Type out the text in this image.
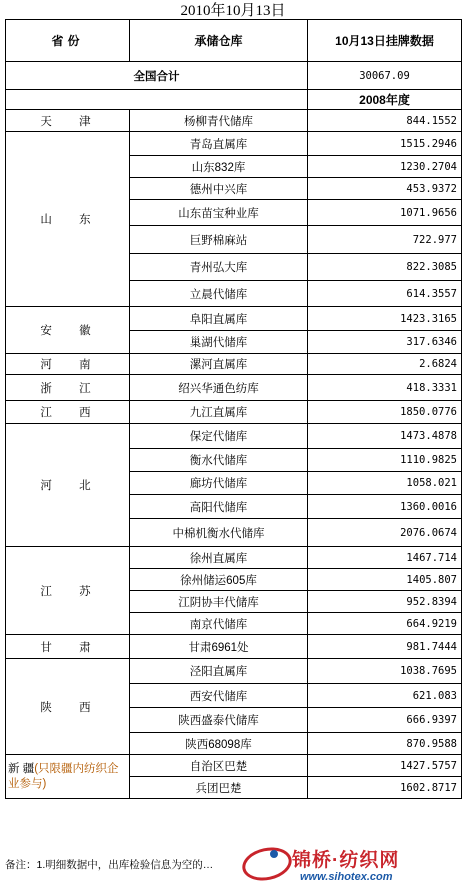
2010年10月13日
省份	承储仓库	10月13日挂牌数据
全国合计		30067.09
		2008年度
天 津	杨柳青代储库	844.1552
山 东	青岛直属库	1515.2946
	山东832库	1230.2704
	德州中兴库	453.9372
	山东苗宝种业库	1071.9656
	巨野棉麻站	722.977
	青州弘大库	822.3085
	立晨代储库	614.3557
安 徽	阜阳直属库	1423.3165
	巢湖代储库	317.6346
河 南	漯河直属库	2.6824
浙 江	绍兴华通色纺库	418.3331
江 西	九江直属库	1850.0776
河 北	保定代储库	1473.4878
	衡水代储库	1110.9825
	廊坊代储库	1058.021
	高阳代储库	1360.0016
	中棉机衡水代储库	2076.0674
江 苏	徐州直属库	1467.714
	徐州储运605库	1405.807
	江阴协丰代储库	952.8394
	南京代储库	664.9219
甘 肃	甘肃6961处	981.7444
陕 西	泾阳直属库	1038.7695
	西安代储库	621.083
	陕西盛泰代储库	666.9397
	陕西68098库	870.9588
新 疆(只限疆内纺织企业参与)	自治区巴楚	1427.5757
	兵团巴楚	1602.8717
备注：1.明细数据中，出库检验信息为空的…	锦桥·纺织网
www.sihotex.com
